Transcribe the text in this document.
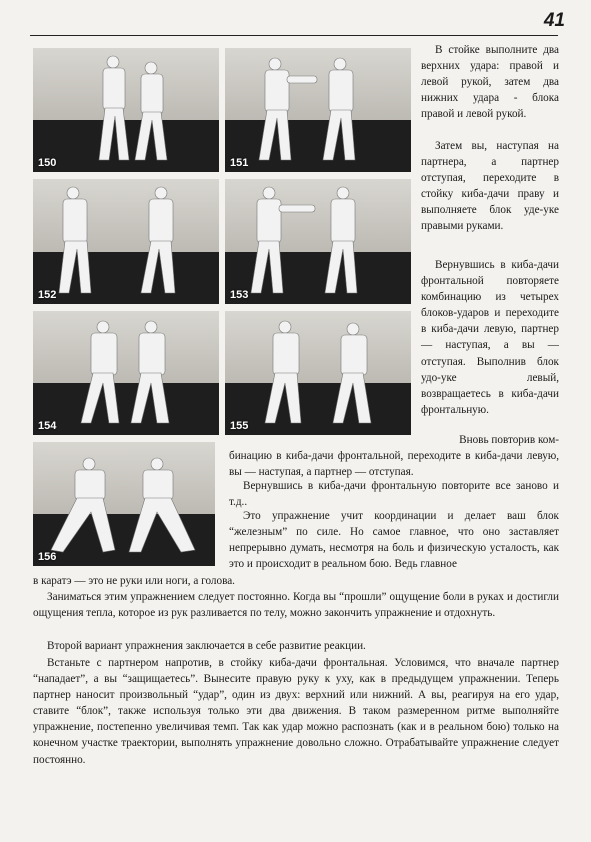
41
150	151
152	153
154	155
156

В стойке выполните два верхних удара: правой и левой рукой, затем два нижних удара - блока правой и левой рукой.

Затем вы, наступая на партнера, а партнер отступая, переходите в стойку киба-дачи праву и выполняете блок уде-уке правыми руками.

Вернувшись в киба-дачи фронтальной повторяете комбинацию из четырех блоков-ударов и переходите в киба-дачи левую, партнер — наступая, а вы — отступая. Выполнив блок удо-уке левый, возвращаетесь в киба-дачи фронтальную.

Вновь повторив ком-

бинацию в киба-дачи фронтальной, переходите в киба-дачи левую, вы — наступая, а партнер — отступая.

Вернувшись в киба-дачи фронтальную повторите все заново и т.д..

Это упражнение учит координации и делает ваш блок “железным” по силе. Но самое главное, что оно заставляет непрерывно думать, несмотря на боль и физическую усталость, как это и происходит в реальном бою. Ведь главное

в каратэ — это не руки или ноги, а голова.

Заниматься этим упражнением следует постоянно. Когда вы “прошли” ощущение боли в руках и достигли ощущения тепла, которое из рук разливается по телу, можно закончить упражнение и отдохнуть.

Второй вариант упражнения заключается в себе развитие реакции.

Встаньте с партнером напротив, в стойку киба-дачи фронтальная. Условимся, что вначале партнер “нападает”, а вы “защищаетесь”. Вынесите правую руку к уху, как в предыдущем упражнении. Теперь партнер наносит произвольный “удар”, один из двух: верхний или нижний. А вы, реагируя на его удар, ставите “блок”, также используя только эти два движения. В таком размеренном ритме выполняйте упражнение, постепенно увеличивая темп. Так как удар можно распознать (как и в реальном бою) только на конечном участке траектории, выполнять упражнение довольно сложно. Отрабатывайте упражнение следует постоянно.
